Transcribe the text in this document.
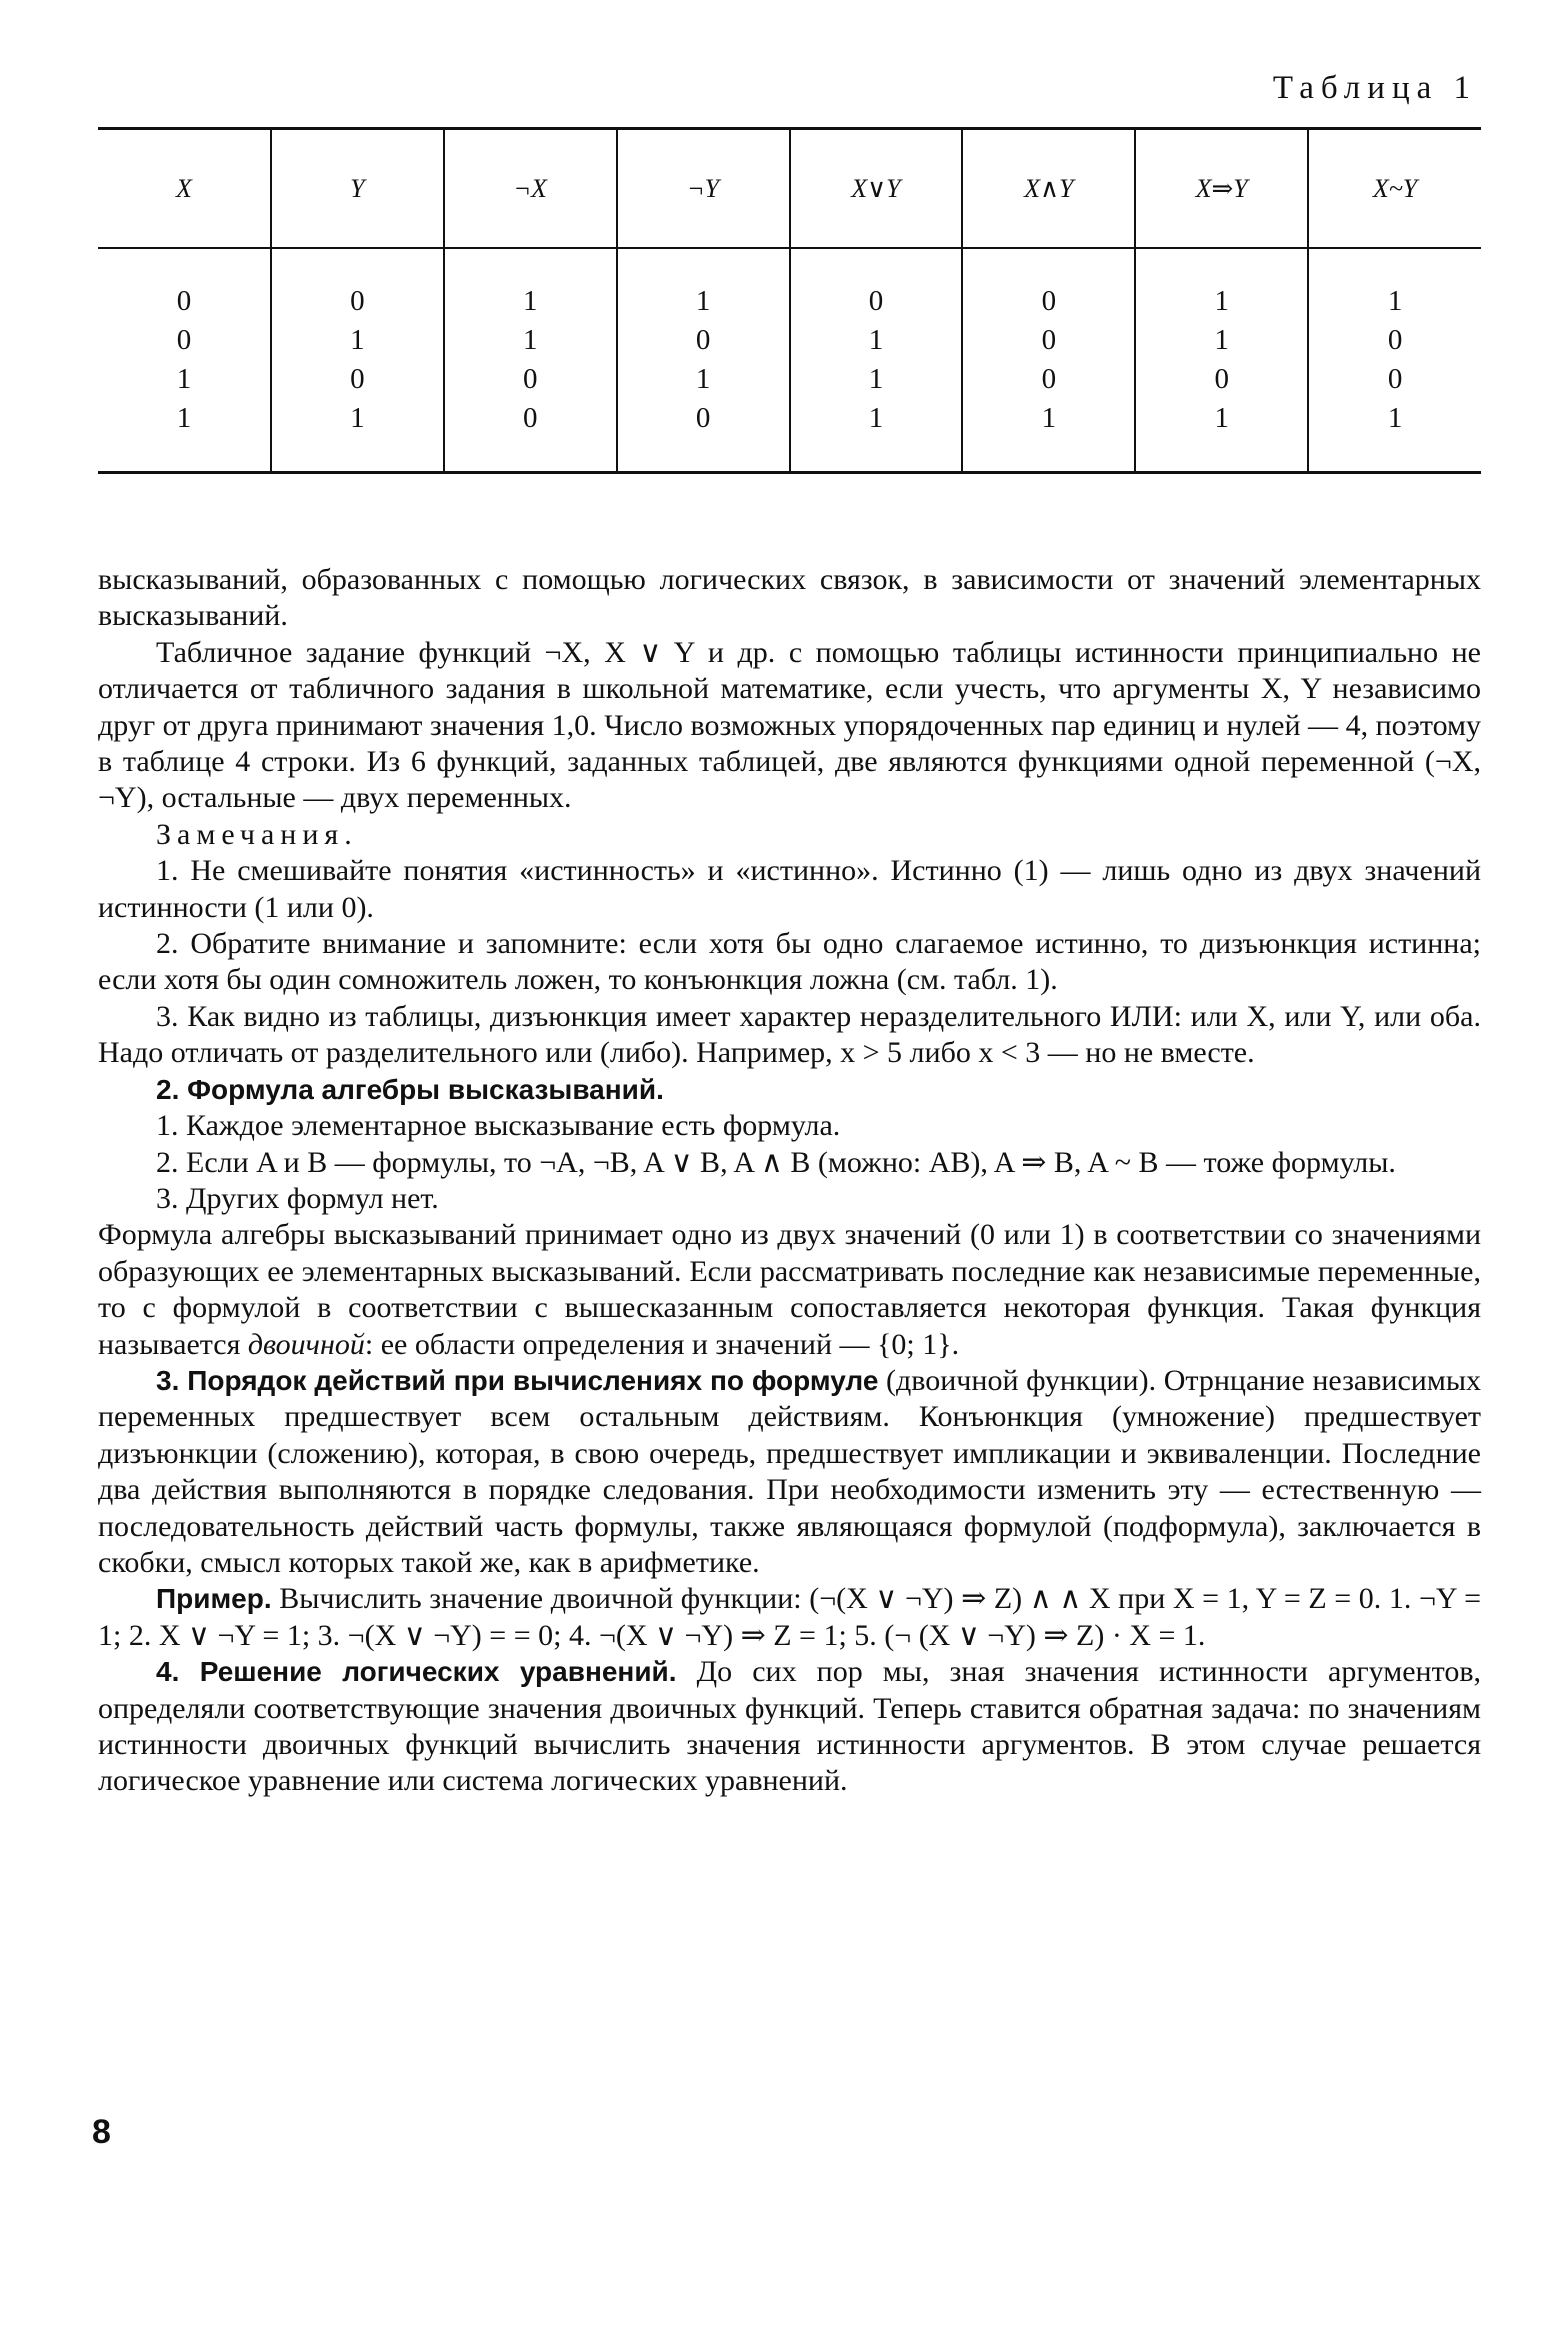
Таблица 1
X	Y	¬X	¬Y	X∨Y	X∧Y	X⇒Y	X~Y
0	0	1	1	0	0	1	1
0	1	1	0	1	0	1	0
1	0	0	1	1	0	0	0
1	1	0	0	1	1	1	1

высказываний, образованных с помощью логических связок, в зависимости от значений элементарных высказываний.

Табличное задание функций ¬X, X ∨ Y и др. с помощью таблицы истинности принципиально не отличается от табличного задания в школьной математике, если учесть, что аргументы X, Y независимо друг от друга принимают значения 1,0. Число возможных упорядоченных пар единиц и нулей — 4, поэтому в таблице 4 строки. Из 6 функций, заданных таблицей, две являются функциями одной переменной (¬X, ¬Y), остальные — двух переменных.

Замечания.

1. Не смешивайте понятия «истинность» и «истинно». Истинно (1) — лишь одно из двух значений истинности (1 или 0).

2. Обратите внимание и запомните: если хотя бы одно слагаемое истинно, то дизъюнкция истинна; если хотя бы один сомножитель ложен, то конъюнкция ложна (см. табл. 1).

3. Как видно из таблицы, дизъюнкция имеет характер неразделительного ИЛИ: или X, или Y, или оба. Надо отличать от разделительного или (либо). Например, x > 5 либо x < 3 — но не вместе.

2. Формула алгебры высказываний.

1. Каждое элементарное высказывание есть формула.

2. Если A и B — формулы, то ¬A, ¬B, A ∨ B, A ∧ B (можно: AB), A ⇒ B, A ~ B — тоже формулы.

3. Других формул нет.

Формула алгебры высказываний принимает одно из двух значений (0 или 1) в соответствии со значениями образующих ее элементарных высказываний. Если рассматривать последние как независимые переменные, то с формулой в соответствии с вышесказанным сопоставляется некоторая функция. Такая функция называется двоичной: ее области определения и значений — {0; 1}.

3. Порядок действий при вычислениях по формуле (двоичной функции). Отрнцание независимых переменных предшествует всем остальным действиям. Конъюнкция (умножение) предшествует дизъюнкции (сложению), которая, в свою очередь, предшествует импликации и эквиваленции. Последние два действия выполняются в порядке следования. При необходимости изменить эту — естественную — последовательность действий часть формулы, также являющаяся формулой (подформула), заключается в скобки, смысл которых такой же, как в арифметике.

Пример. Вычислить значение двоичной функции: (¬(X ∨ ¬Y) ⇒ Z) ∧ ∧ X при X = 1, Y = Z = 0. 1. ¬Y = 1; 2. X ∨ ¬Y = 1; 3. ¬(X ∨ ¬Y) = = 0; 4. ¬(X ∨ ¬Y) ⇒ Z = 1; 5. (¬ (X ∨ ¬Y) ⇒ Z) · X = 1.

4. Решение логических уравнений. До сих пор мы, зная значения истинности аргументов, определяли соответствующие значения двоичных функций. Теперь ставится обратная задача: по значениям истинности двоичных функций вычислить значения истинности аргументов. В этом случае решается логическое уравнение или система логических уравнений.

8
